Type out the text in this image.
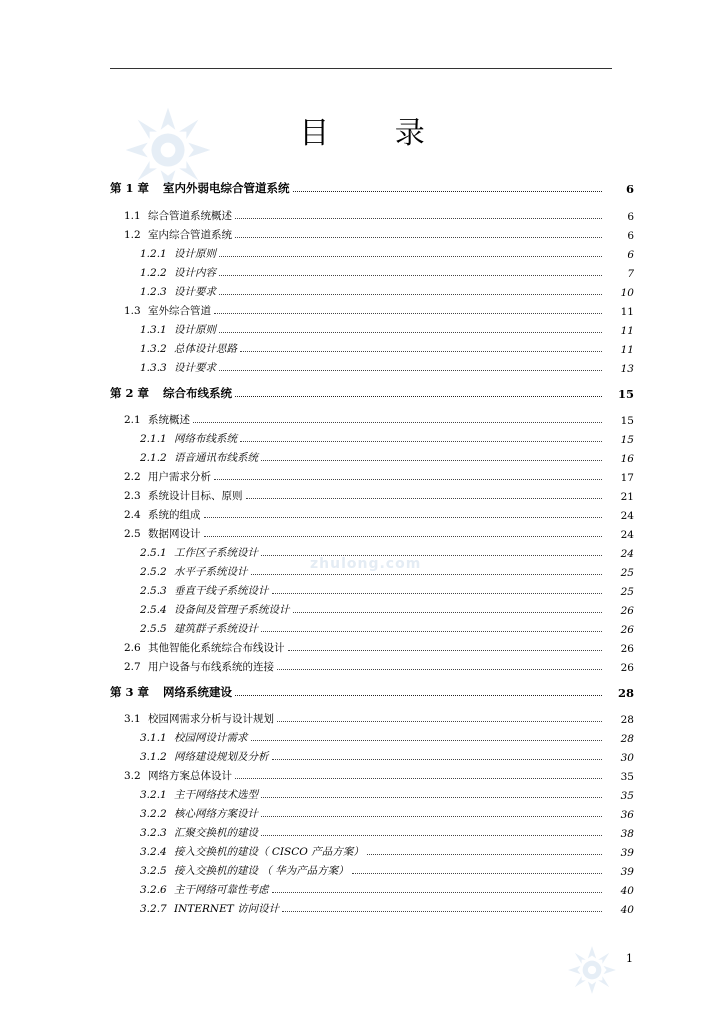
zhulong.com
目 录
第 1 章 室内外弱电综合管道系统	6
1.1 综合管道系统概述	6
1.2 室内综合管道系统	6
1.2.1 设计原则	6
1.2.2 设计内容	7
1.2.3 设计要求	10
1.3 室外综合管道	11
1.3.1 设计原则	11
1.3.2 总体设计思路	11
1.3.3 设计要求	13
第 2 章 综合布线系统	15
2.1 系统概述	15
2.1.1 网络布线系统	15
2.1.2 语音通讯布线系统	16
2.2 用户需求分析	17
2.3 系统设计目标、原则	21
2.4 系统的组成	24
2.5 数据网设计	24
2.5.1 工作区子系统设计	24
2.5.2 水平子系统设计	25
2.5.3 垂直干线子系统设计	25
2.5.4 设备间及管理子系统设计	26
2.5.5 建筑群子系统设计	26
2.6 其他智能化系统综合布线设计	26
2.7 用户设备与布线系统的连接	26
第 3 章 网络系统建设	28
3.1 校园网需求分析与设计规划	28
3.1.1 校园网设计需求	28
3.1.2 网络建设规划及分析	30
3.2 网络方案总体设计	35
3.2.1 主干网络技术选型	35
3.2.2 核心网络方案设计	36
3.2.3 汇聚交换机的建设	38
3.2.4 接入交换机的建设（ CISCO 产品方案）	39
3.2.5 接入交换机的建设 （ 华为产品方案）	39
3.2.6 主干网络可靠性考虑	40
3.2.7 INTERNET 访问设计	40
1
